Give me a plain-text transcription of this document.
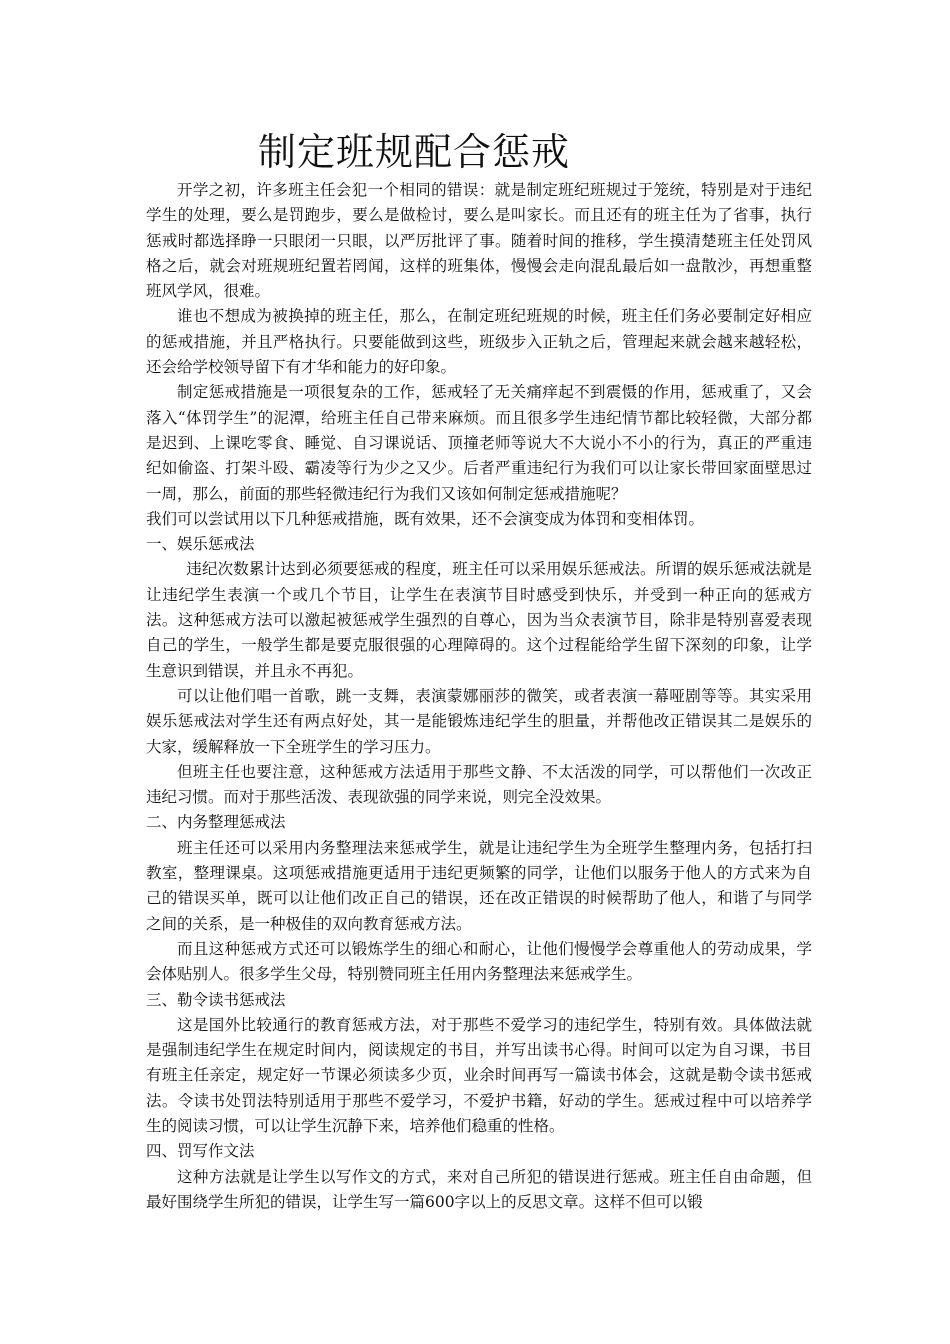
制定班规配合惩戒

开学之初，许多班主任会犯一个相同的错误：就是制定班纪班规过于笼统，特别是对于违纪学生的处理，要么是罚跑步，要么是做检讨，要么是叫家长。而且还有的班主任为了省事，执行惩戒时都选择睁一只眼闭一只眼，以严厉批评了事。随着时间的推移，学生摸清楚班主任处罚风格之后，就会对班规班纪置若罔闻，这样的班集体，慢慢会走向混乱最后如一盘散沙，再想重整班风学风，很难。

谁也不想成为被换掉的班主任，那么，在制定班纪班规的时候，班主任们务必要制定好相应的惩戒措施，并且严格执行。只要能做到这些，班级步入正轨之后，管理起来就会越来越轻松，还会给学校领导留下有才华和能力的好印象。

制定惩戒措施是一项很复杂的工作，惩戒轻了无关痛痒起不到震慑的作用，惩戒重了，又会落入“体罚学生”的泥潭，给班主任自己带来麻烦。而且很多学生违纪情节都比较轻微，大部分都是迟到、上课吃零食、睡觉、自习课说话、顶撞老师等说大不大说小不小的行为，真正的严重违纪如偷盗、打架斗殴、霸凌等行为少之又少。后者严重违纪行为我们可以让家长带回家面壁思过一周，那么，前面的那些轻微违纪行为我们又该如何制定惩戒措施呢？

我们可以尝试用以下几种惩戒措施，既有效果，还不会演变成为体罚和变相体罚。

一、娱乐惩戒法

违纪次数累计达到必须要惩戒的程度，班主任可以采用娱乐惩戒法。所谓的娱乐惩戒法就是让违纪学生表演一个或几个节目，让学生在表演节目时感受到快乐，并受到一种正向的惩戒方法。这种惩戒方法可以激起被惩戒学生强烈的自尊心，因为当众表演节目，除非是特别喜爱表现自己的学生，一般学生都是要克服很强的心理障碍的。这个过程能给学生留下深刻的印象，让学生意识到错误，并且永不再犯。

可以让他们唱一首歌，跳一支舞，表演蒙娜丽莎的微笑，或者表演一幕哑剧等等。其实采用娱乐惩戒法对学生还有两点好处，其一是能锻炼违纪学生的胆量，并帮他改正错误其二是娱乐的大家，缓解释放一下全班学生的学习压力。

但班主任也要注意，这种惩戒方法适用于那些文静、不太活泼的同学，可以帮他们一次改正违纪习惯。而对于那些活泼、表现欲强的同学来说，则完全没效果。

二、内务整理惩戒法

班主任还可以采用内务整理法来惩戒学生，就是让违纪学生为全班学生整理内务，包括打扫教室，整理课桌。这项惩戒措施更适用于违纪更频繁的同学，让他们以服务于他人的方式来为自己的错误买单，既可以让他们改正自己的错误，还在改正错误的时候帮助了他人，和谐了与同学之间的关系，是一种极佳的双向教育惩戒方法。

而且这种惩戒方式还可以锻炼学生的细心和耐心，让他们慢慢学会尊重他人的劳动成果，学会体贴别人。很多学生父母，特别赞同班主任用内务整理法来惩戒学生。

三、勒令读书惩戒法

这是国外比较通行的教育惩戒方法，对于那些不爱学习的违纪学生，特别有效。具体做法就是强制违纪学生在规定时间内，阅读规定的书目，并写出读书心得。时间可以定为自习课，书目有班主任亲定，规定好一节课必须读多少页，业余时间再写一篇读书体会，这就是勒令读书惩戒法。令读书处罚法特别适用于那些不爱学习，不爱护书籍，好动的学生。惩戒过程中可以培养学生的阅读习惯，可以让学生沉静下来，培养他们稳重的性格。

四、罚写作文法

这种方法就是让学生以写作文的方式，来对自己所犯的错误进行惩戒。班主任自由命题，但最好围绕学生所犯的错误，让学生写一篇600字以上的反思文章。这样不但可以锻
